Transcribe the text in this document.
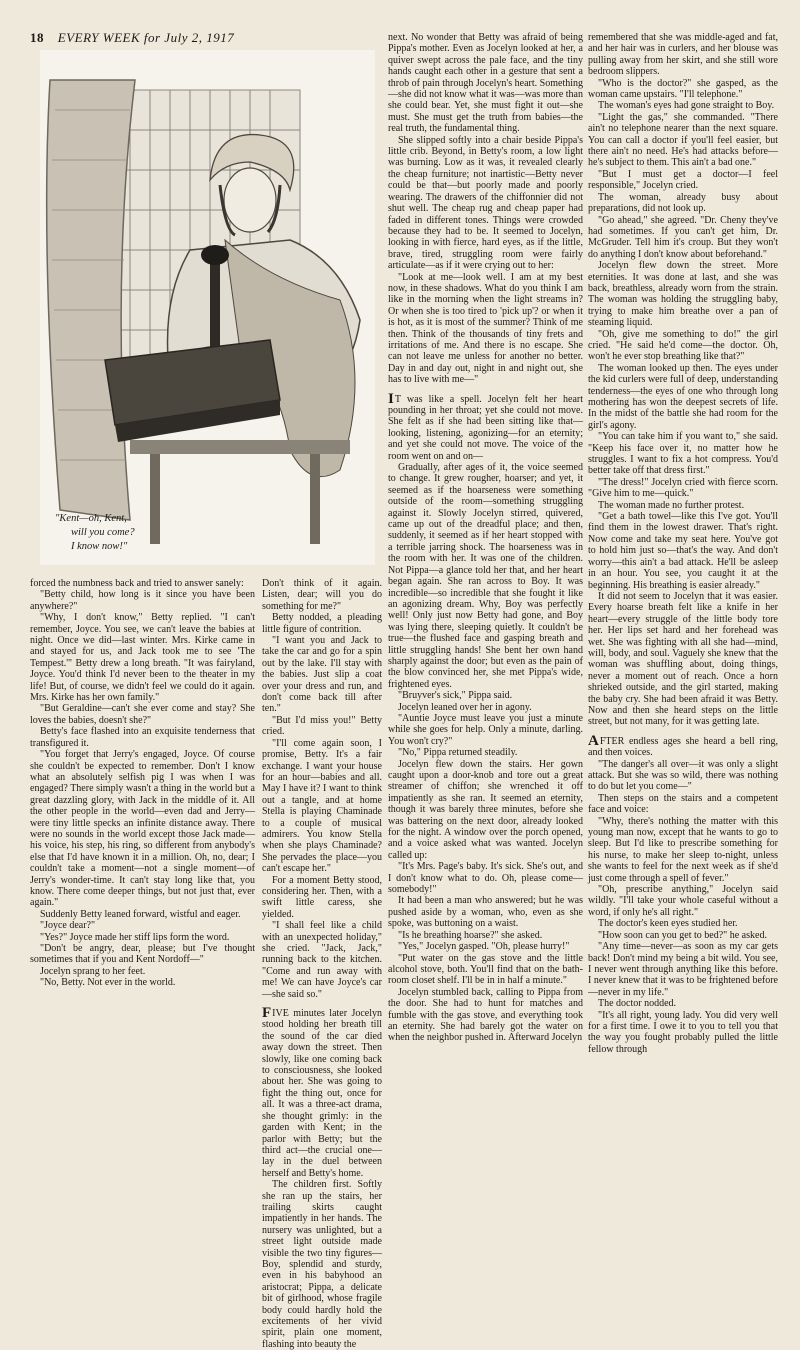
18 EVERY WEEK for July 2, 1917
"Kent—oh, Kent,
will you come?
I know now!"

forced the numbness back and tried to answer sanely:

"Betty child, how long is it since you have been anywhere?"

"Why, I don't know," Betty replied. "I can't remember, Joyce. You see, we can't leave the babies at night. Once we did—last winter. Mrs. Kirke came in and stayed for us, and Jack took me to see 'The Tempest.'" Betty drew a long breath. "It was fairyland, Joyce. You'd think I'd never been to the theater in my life! But, of course, we didn't feel we could do it again. Mrs. Kirke has her own family."

"But Geraldine—can't she ever come and stay? She loves the babies, doesn't she?"

Betty's face flashed into an exquisite tenderness that transfigured it.

"You forget that Jerry's engaged, Joyce. Of course she couldn't be expected to remember. Don't I know what an absolutely selfish pig I was when I was engaged? There simply wasn't a thing in the world but a great dazzling glory, with Jack in the middle of it. All the other people in the world—even dad and Jerry—were tiny little specks an infinite distance away. There were no sounds in the world except those Jack made—his voice, his step, his ring, so different from anybody's else that I'd have known it in a million. Oh, no, dear; I couldn't take a moment—not a single moment—of Jerry's wonder-time. It can't stay long like that, you know. There come deeper things, but not just that, ever again."

Suddenly Betty leaned forward, wistful and eager.

"Joyce dear?"

"Yes?" Joyce made her stiff lips form the word.

"Don't be angry, dear, please; but I've thought sometimes that if you and Kent Nordoff—"

Jocelyn sprang to her feet.

"No, Betty. Not ever in the world.

Don't think of it again. Listen, dear; will you do something for me?"

Betty nodded, a pleading little figure of contrition.

"I want you and Jack to take the car and go for a spin out by the lake. I'll stay with the babies. Just slip a coat over your dress and run, and don't come back till after ten."

"But I'd miss you!" Betty cried.

"I'll come again soon, I promise, Betty. It's a fair exchange. I want your house for an hour—babies and all. May I have it? I want to think out a tangle, and at home Stella is playing Chaminade to a couple of musical admirers. You know Stella when she plays Chaminade? She pervades the place—you can't escape her."

For a moment Betty stood, considering her. Then, with a swift little caress, she yielded.

"I shall feel like a child with an unexpected holiday," she cried. "Jack, Jack," running back to the kitchen. "Come and run away with me! We can have Joyce's car—she said so."

FIVE minutes later Jocelyn stood holding her breath till the sound of the car died away down the street. Then slowly, like one coming back to consciousness, she looked about her. She was going to fight the thing out, once for all. It was a three-act drama, she thought grimly: in the garden with Kent; in the parlor with Betty; but the third act—the crucial one—lay in the duel between herself and Betty's home.

The children first. Softly she ran up the stairs, her trailing skirts caught impatiently in her hands. The nursery was unlighted, but a street light outside made visible the two tiny figures—Boy, splendid and sturdy, even in his babyhood an aristocrat; Pippa, a delicate bit of girlhood, whose fragile body could hardly hold the excitements of her vivid spirit, plain one moment, flashing into beauty the

next. No wonder that Betty was afraid of being Pippa's mother. Even as Jocelyn looked at her, a quiver swept across the pale face, and the tiny hands caught each other in a gesture that sent a throb of pain through Jocelyn's heart. Something—she did not know what it was—was more than she could bear. Yet, she must fight it out—she must. She must get the truth from babies—the real truth, the fundamental thing.

She slipped softly into a chair beside Pippa's little crib. Beyond, in Betty's room, a low light was burning. Low as it was, it revealed clearly the cheap furniture; not inartistic—Betty never could be that—but poorly made and poorly wearing. The drawers of the chiffonnier did not shut well. The cheap rug and cheap paper had faded in different tones. Things were crowded because they had to be. It seemed to Jocelyn, looking in with fierce, hard eyes, as if the little, brave, tired, struggling room were fairly articulate—as if it were crying out to her:

"Look at me—look well. I am at my best now, in these shadows. What do you think I am like in the morning when the light streams in? Or when she is too tired to 'pick up'? or when it is hot, as it is most of the summer? Think of me then. Think of the thousands of tiny frets and irritations of me. And there is no escape. She can not leave me unless for another no better. Day in and day out, night in and night out, she has to live with me—"

IT was like a spell. Jocelyn felt her heart pounding in her throat; yet she could not move. She felt as if she had been sitting like that—looking, listening, agonizing—for an eternity; and yet she could not move. The voice of the room went on and on—

Gradually, after ages of it, the voice seemed to change. It grew rougher, hoarser; and yet, it seemed as if the hoarseness were something outside of the room—something struggling against it. Slowly Jocelyn stirred, quivered, came up out of the dreadful place; and then, suddenly, it seemed as if her heart stopped with a terrible jarring shock. The hoarseness was in the room with her. It was one of the children. Not Pippa—a glance told her that, and her heart began again. She ran across to Boy. It was incredible—so incredible that she fought it like an agonizing dream. Why, Boy was perfectly well! Only just now Betty had gone, and Boy was lying there, sleeping quietly. It couldn't be true—the flushed face and gasping breath and little struggling hands! She bent her own hand sharply against the door; but even as the pain of the blow convinced her, she met Pippa's wide, frightened eyes.

"Bruyver's sick," Pippa said.

Jocelyn leaned over her in agony.

"Auntie Joyce must leave you just a minute while she goes for help. Only a minute, darling. You won't cry?"

"No," Pippa returned steadily.

Jocelyn flew down the stairs. Her gown caught upon a door-knob and tore out a great streamer of chiffon; she wrenched it off impatiently as she ran. It seemed an eternity, though it was barely three minutes, before she was battering on the next door, already looked for the night. A window over the porch opened, and a voice asked what was wanted. Jocelyn called up:

"It's Mrs. Page's baby. It's sick. She's out, and I don't know what to do. Oh, please come—somebody!"

It had been a man who answered; but he was pushed aside by a woman, who, even as she spoke, was buttoning on a waist.

"Is he breathing hoarse?" she asked.

"Yes," Jocelyn gasped. "Oh, please hurry!"

"Put water on the gas stove and the little alcohol stove, both. You'll find that on the bath-room closet shelf. I'll be in in half a minute."

Jocelyn stumbled back, calling to Pippa from the door. She had to hunt for matches and fumble with the gas stove, and everything took an eternity. She had barely got the water on when the neighbor pushed in. Afterward Jocelyn

remembered that she was middle-aged and fat, and her hair was in curlers, and her blouse was pulling away from her skirt, and she still wore bedroom slippers.

"Who is the doctor?" she gasped, as the woman came upstairs. "I'll telephone."

The woman's eyes had gone straight to Boy.

"Light the gas," she commanded. "There ain't no telephone nearer than the next square. You can call a doctor if you'll feel easier, but there ain't no need. He's had attacks before—he's subject to them. This ain't a bad one."

"But I must get a doctor—I feel responsible," Jocelyn cried.

The woman, already busy about preparations, did not look up.

"Go ahead," she agreed. "Dr. Cheny they've had sometimes. If you can't get him, Dr. McGruder. Tell him it's croup. But they won't do anything I don't know about beforehand."

Jocelyn flew down the street. More eternities. It was done at last, and she was back, breathless, already worn from the strain. The woman was holding the struggling baby, trying to make him breathe over a pan of steaming liquid.

"Oh, give me something to do!" the girl cried. "He said he'd come—the doctor. Oh, won't he ever stop breathing like that?"

The woman looked up then. The eyes under the kid curlers were full of deep, understanding tenderness—the eyes of one who through long mothering has won the deepest secrets of life. In the midst of the battle she had room for the girl's agony.

"You can take him if you want to," she said. "Keep his face over it, no matter how he struggles. I want to fix a hot compress. You'd better take off that dress first."

"The dress!" Jocelyn cried with fierce scorn. "Give him to me—quick."

The woman made no further protest.

"Get a bath towel—like this I've got. You'll find them in the lowest drawer. That's right. Now come and take my seat here. You've got to hold him just so—that's the way. And don't worry—this ain't a bad attack. He'll be asleep in an hour. You see, you caught it at the beginning. His breathing is easier already."

It did not seem to Jocelyn that it was easier. Every hoarse breath felt like a knife in her heart—every struggle of the little body tore her. Her lips set hard and her forehead was wet. She was fighting with all she had—mind, will, body, and soul. Vaguely she knew that the woman was shuffling about, doing things, never a moment out of reach. Once a horn shrieked outside, and the girl started, making the baby cry. She had been afraid it was Betty. Now and then she heard steps on the little street, but not many, for it was getting late.

AFTER endless ages she heard a bell ring, and then voices.

"The danger's all over—it was only a slight attack. But she was so wild, there was nothing to do but let you come—"

Then steps on the stairs and a competent face and voice:

"Why, there's nothing the matter with this young man now, except that he wants to go to sleep. But I'd like to prescribe something for his nurse, to make her sleep to-night, unless she wants to feel for the next week as if she'd just come through a spell of fever."

"Oh, prescribe anything," Jocelyn said wildly. "I'll take your whole caseful without a word, if only he's all right."

The doctor's keen eyes studied her.

"How soon can you get to bed?" he asked.

"Any time—never—as soon as my car gets back! Don't mind my being a bit wild. You see, I never went through anything like this before. I never knew that it was to be frightened before—never in my life."

The doctor nodded.

"It's all right, young lady. You did very well for a first time. I owe it to you to tell you that the way you fought probably pulled the little fellow through
